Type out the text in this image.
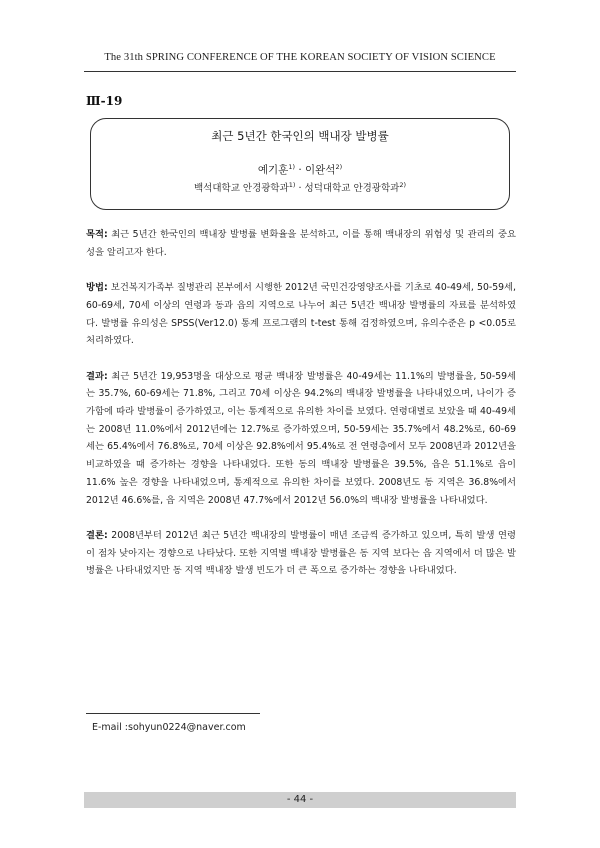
The 31th SPRING CONFERENCE OF THE KOREAN SOCIETY OF VISION SCIENCE
Ⅲ-19
최근 5년간 한국인의 백내장 발병률
예기훈$^{1)}$ · 이완석$^{2)}$
백석대학교 안경광학과$^{1)}$ · 성덕대학교 안경광학과$^{2)}$

목적: 최근 5년간 한국인의 백내장 발병률 변화율을 분석하고, 이를 통해 백내장의 위험성 및 관리의 중요성을 알리고자 한다.

방법: 보건복지가족부 질병관리 본부에서 시행한 2012년 국민건강영양조사를 기초로 40-49세, 50-59세, 60-69세, 70세 이상의 연령과 동과 읍의 지역으로 나누어 최근 5년간 백내장 발병률의 자료를 분석하였다. 발병률 유의성은 SPSS(Ver12.0) 통계 프로그램의 t-test 통해 검정하였으며, 유의수준은 p <0.05로 처리하였다.

결과: 최근 5년간 19,953명을 대상으로 평균 백내장 발병률은 40-49세는 11.1%의 발병률을, 50-59세는 35.7%, 60-69세는 71.8%, 그리고 70세 이상은 94.2%의 백내장 발병률을 나타내었으며, 나이가 증가함에 따라 발병률이 증가하였고, 이는 통계적으로 유의한 차이를 보였다. 연령대별로 보았을 때 40-49세는 2008년 11.0%에서 2012년에는 12.7%로 증가하였으며, 50-59세는 35.7%에서 48.2%로, 60-69세는 65.4%에서 76.8%로, 70세 이상은 92.8%에서 95.4%로 전 연령층에서 모두 2008년과 2012년을 비교하였을 때 증가하는 경향을 나타내었다. 또한 동의 백내장 발병률은 39.5%, 읍은 51.1%로 읍이 11.6% 높은 경향을 나타내었으며, 통계적으로 유의한 차이를 보였다. 2008년도 동 지역은 36.8%에서 2012년 46.6%를, 읍 지역은 2008년 47.7%에서 2012년 56.0%의 백내장 발병률을 나타내었다.

결론: 2008년부터 2012년 최근 5년간 백내장의 발병률이 매년 조금씩 증가하고 있으며, 특히 발생 연령이 점차 낮아지는 경향으로 나타났다. 또한 지역별 백내장 발병률은 동 지역 보다는 읍 지역에서 더 많은 발병률은 나타내었지만 동 지역 백내장 발생 빈도가 더 큰 폭으로 증가하는 경향을 나타내었다.

E-mail :sohyun0224@naver.com
- 44 -
